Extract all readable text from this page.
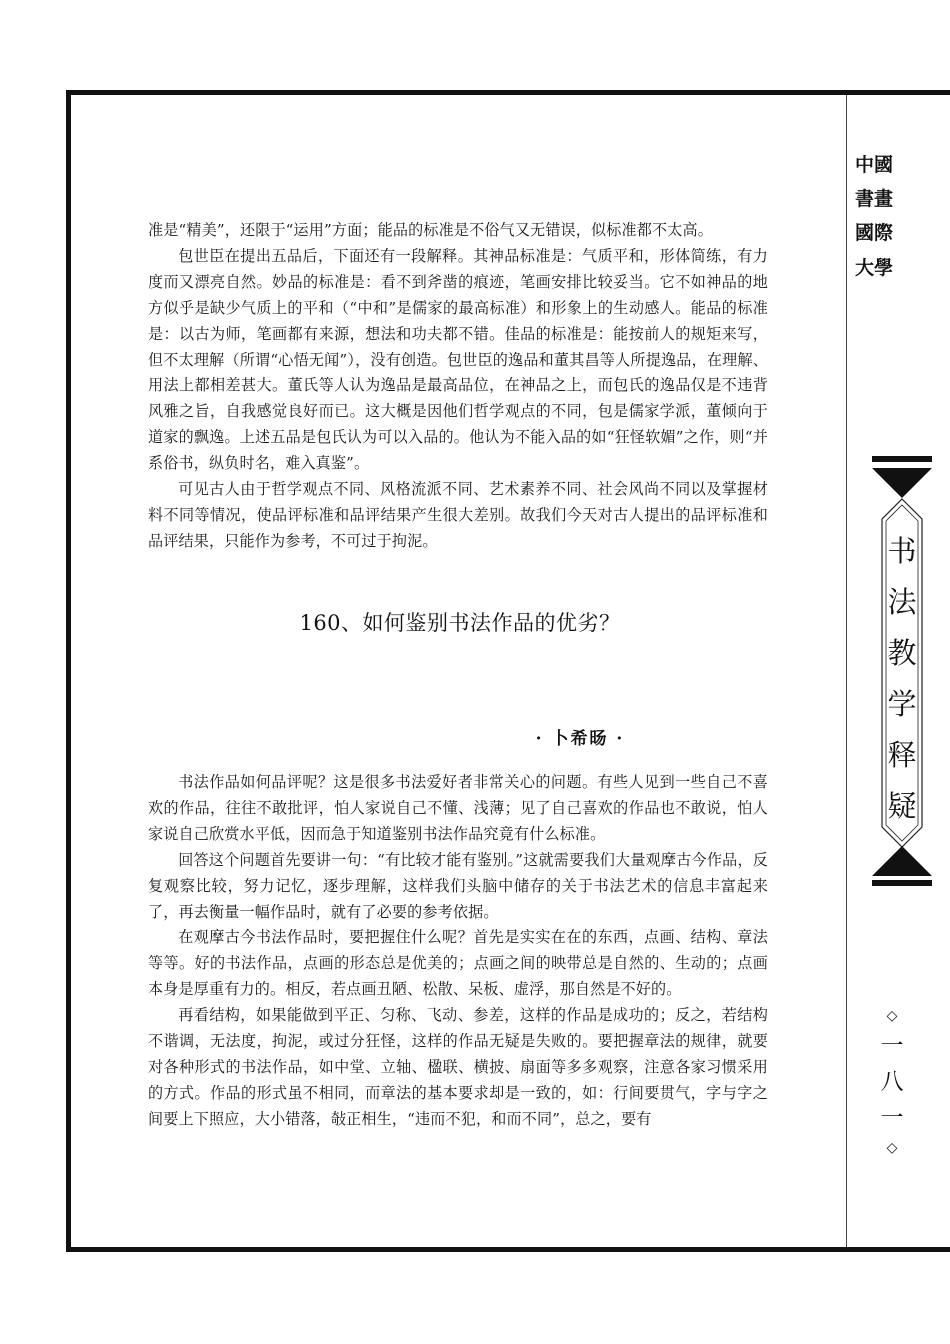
中國書畫國際大學
书法教学释疑
◇
一八一
◇

准是“精美”，还限于“运用”方面；能品的标准是不俗气又无错误，似标准都不太高。

包世臣在提出五品后，下面还有一段解释。其神品标准是：气质平和，形体简练，有力度而又漂亮自然。妙品的标准是：看不到斧凿的痕迹，笔画安排比较妥当。它不如神品的地方似乎是缺少气质上的平和（“中和”是儒家的最高标准）和形象上的生动感人。能品的标准是：以古为师，笔画都有来源，想法和功夫都不错。佳品的标准是：能按前人的规矩来写，但不太理解（所谓“心悟无闻”），没有创造。包世臣的逸品和董其昌等人所提逸品，在理解、用法上都相差甚大。董氏等人认为逸品是最高品位，在神品之上，而包氏的逸品仅是不违背风雅之旨，自我感觉良好而已。这大概是因他们哲学观点的不同，包是儒家学派，董倾向于道家的飘逸。上述五品是包氏认为可以入品的。他认为不能入品的如“狂怪软媚”之作，则“并系俗书，纵负时名，难入真鉴”。

可见古人由于哲学观点不同、风格流派不同、艺术素养不同、社会风尚不同以及掌握材料不同等情况，使品评标准和品评结果产生很大差别。故我们今天对古人提出的品评标准和品评结果，只能作为参考，不可过于拘泥。

160、如何鉴别书法作品的优劣？
· 卜希旸 ·

书法作品如何品评呢？这是很多书法爱好者非常关心的问题。有些人见到一些自己不喜欢的作品，往往不敢批评，怕人家说自己不懂、浅薄；见了自己喜欢的作品也不敢说，怕人家说自己欣赏水平低，因而急于知道鉴别书法作品究竟有什么标准。

回答这个问题首先要讲一句：“有比较才能有鉴别。”这就需要我们大量观摩古今作品，反复观察比较，努力记忆，逐步理解，这样我们头脑中储存的关于书法艺术的信息丰富起来了，再去衡量一幅作品时，就有了必要的参考依据。

在观摩古今书法作品时，要把握住什么呢？首先是实实在在的东西，点画、结构、章法等等。好的书法作品，点画的形态总是优美的；点画之间的映带总是自然的、生动的；点画本身是厚重有力的。相反，若点画丑陋、松散、呆板、虚浮，那自然是不好的。

再看结构，如果能做到平正、匀称、飞动、参差，这样的作品是成功的；反之，若结构不谐调，无法度，拘泥，或过分狂怪，这样的作品无疑是失败的。要把握章法的规律，就要对各种形式的书法作品，如中堂、立轴、楹联、横披、扇面等多多观察，注意各家习惯采用的方式。作品的形式虽不相同，而章法的基本要求却是一致的，如：行间要贯气，字与字之间要上下照应，大小错落，敧正相生，“违而不犯，和而不同”，总之，要有
